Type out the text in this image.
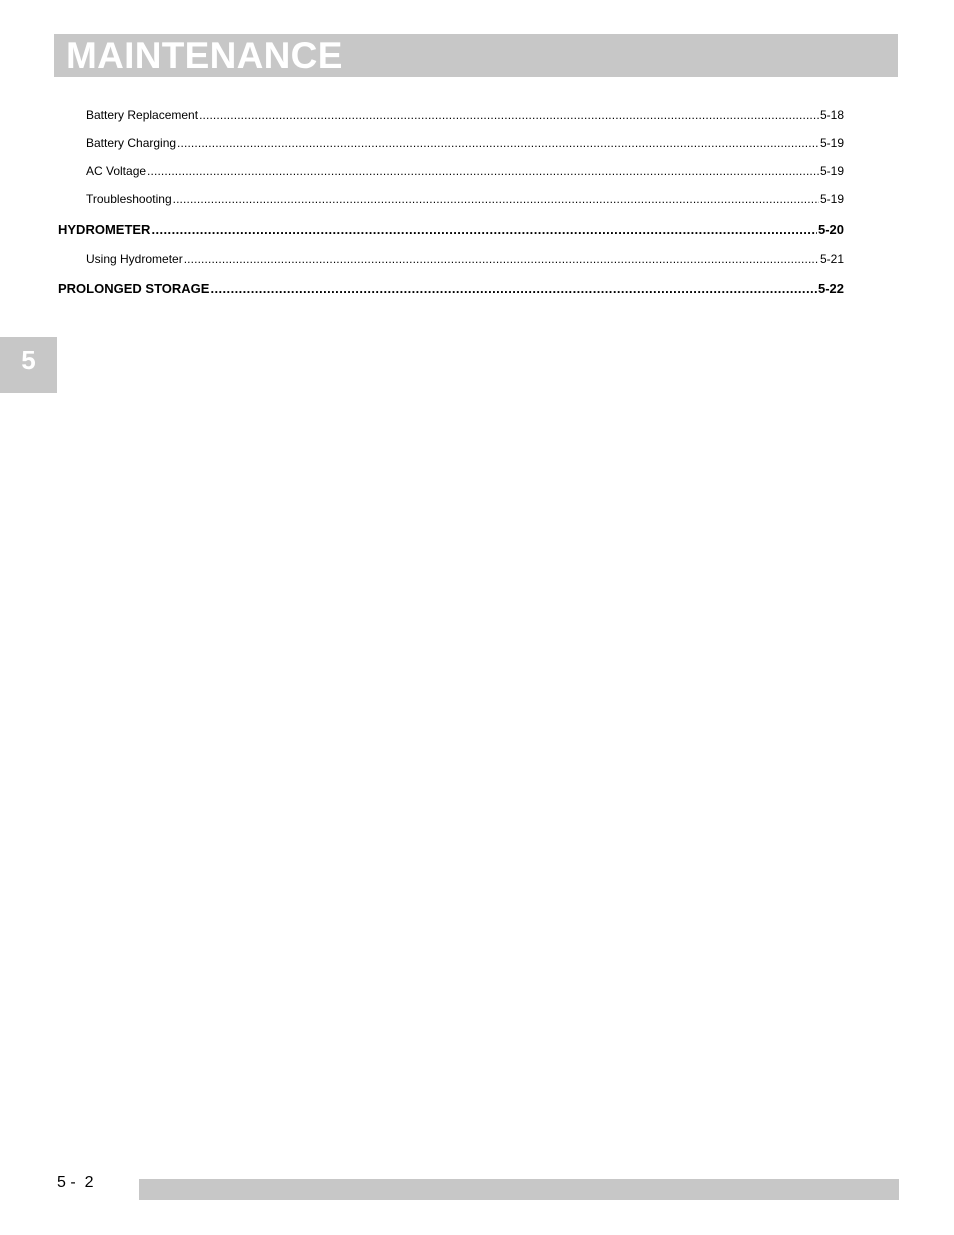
MAINTENANCE
Battery Replacement . . .	5-18
Battery Charging . . .	5-19
AC Voltage . . .	5-19
Troubleshooting . . .	5-19
HYDROMETER . . .	5-20
Using Hydrometer . . .	5-21
PROLONGED STORAGE . . .	5-22
5
5 -  2
